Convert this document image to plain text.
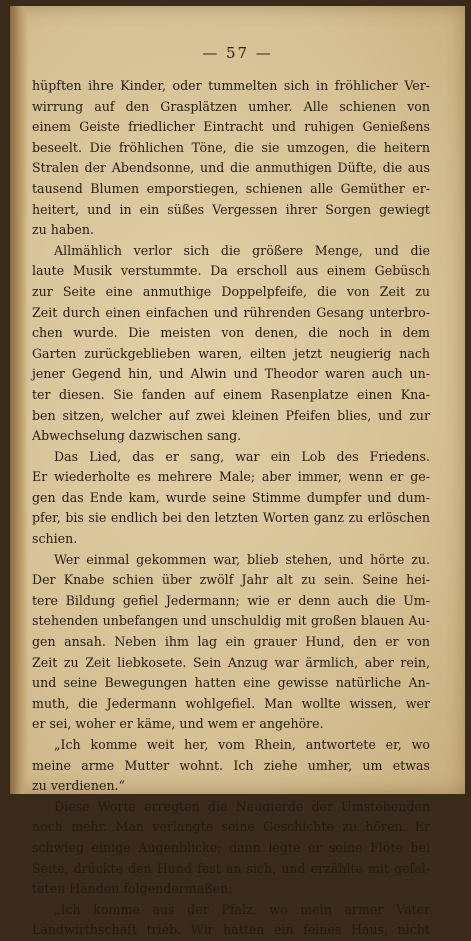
— 57 —
hüpften ihre Kinder, oder tummelten sich in fröhlicher Ver-
wirrung auf den Grasplätzen umher. Alle schienen von
einem Geiste friedlicher Eintracht und ruhigen Genießens
beseelt. Die fröhlichen Töne, die sie umzogen, die heitern
Stralen der Abendsonne, und die anmuthigen Düfte, die aus
tausend Blumen emporstiegen, schienen alle Gemüther er-
heitert, und in ein süßes Vergessen ihrer Sorgen gewiegt
zu haben.
Allmählich verlor sich die größere Menge, und die
laute Musik verstummte. Da erscholl aus einem Gebüsch
zur Seite eine anmuthige Doppelpfeife, die von Zeit zu
Zeit durch einen einfachen und rührenden Gesang unterbro-
chen wurde. Die meisten von denen, die noch in dem
Garten zurückgeblieben waren, eilten jetzt neugierig nach
jener Gegend hin, und Alwin und Theodor waren auch un-
ter diesen. Sie fanden auf einem Rasenplatze einen Kna-
ben sitzen, welcher auf zwei kleinen Pfeifen blies, und zur
Abwechselung dazwischen sang.
Das Lied, das er sang, war ein Lob des Friedens.
Er wiederholte es mehrere Male; aber immer, wenn er ge-
gen das Ende kam, wurde seine Stimme dumpfer und dum-
pfer, bis sie endlich bei den letzten Worten ganz zu erlöschen
schien.
Wer einmal gekommen war, blieb stehen, und hörte zu.
Der Knabe schien über zwölf Jahr alt zu sein. Seine hei-
tere Bildung gefiel Jedermann; wie er denn auch die Um-
stehenden unbefangen und unschuldig mit großen blauen Au-
gen ansah. Neben ihm lag ein grauer Hund, den er von
Zeit zu Zeit liebkosete. Sein Anzug war ärmlich, aber rein,
und seine Bewegungen hatten eine gewisse natürliche An-
muth, die Jedermann wohlgefiel. Man wollte wissen, wer
er sei, woher er käme, und wem er angehöre.
„Ich komme weit her, vom Rhein, antwortete er, wo
meine arme Mutter wohnt. Ich ziehe umher, um etwas
zu verdienen.“
Diese Worte erregten die Neugierde der Umstehenden
noch mehr. Man verlangte seine Geschichte zu hören. Er
schwieg einige Augenblicke; dann legte er seine Flöte bei
Seite, drückte den Hund fest an sich, und erzählte mit gefal-
teten Händen folgendermaßen:
„Ich komme aus der Pfalz, wo mein armer Vater
Landwirthschaft trieb. Wir hatten ein feines Haus, nicht
